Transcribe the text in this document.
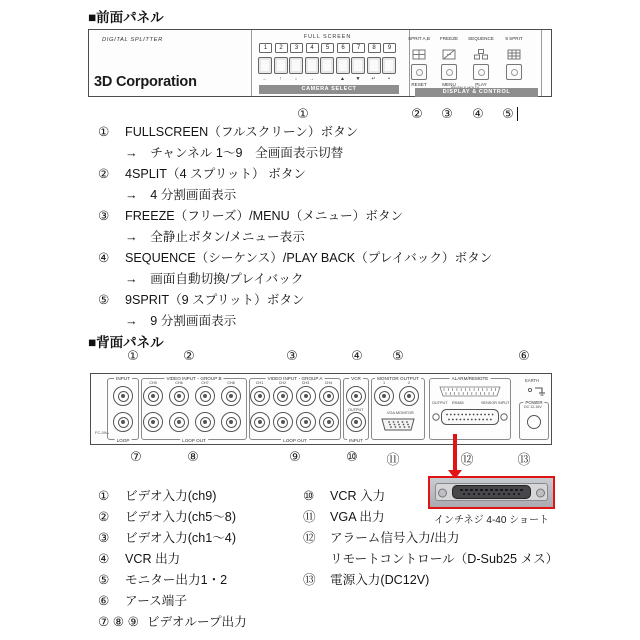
■前面パネル
DIGITAL SPLITTER
3D Corporation
FULL SCREEN
1	2	3	4	5	6	7	8	9
←	↑	↓	→	▲	▼	↵	•
CAMERA SELECT
SPRIT A,B	FREEZE	SEQUENCE	9 SPRIT
RESET	MENU	PLAY
DISPLAY & CONTROL
①	② ③ ④ ⑤
① FULLSCREEN（フルスクリーン）ボタン
→　チャンネル 1～9　全画面表示切替
② 4SPLIT（4 スプリット） ボタン
→　4 分割画面表示
③ FREEZE（フリーズ）/MENU（メニュー）ボタン
→　全静止ボタン/メニュー表示
④ SEQUENCE（シーケンス）/PLAY BACK（プレイバック）ボタン
→　画面自動切換/プレイバック
⑤ 9SPRIT（9 スプリット）ボタン
→　9 分割画面表示
■背面パネル
①	②	③	④ ⑤	⑥
FC-09A
INPUT
LOOP
VIDEO INPUT・GROUP B
LOOP OUT
CH5	CH6	CH7	CH8
VIDEO INPUT・GROUP A
LOOP OUT
CH1	CH2	CH3	CH4
VCR
INPUT
OUTPUT
MONITOR OUTPUT
1	2
VGA MONITOR
ALARM/REMOTE
OUTPUT RS485	SENSOR INPUT
EARTH
POWER
DC 12-16V
⑦	⑧	⑨	⑩ ⑪	⑫	⑬
インチネジ 4-40 ショート
① ビデオ入力(ch9)
② ビデオ入力(ch5～8)
③ ビデオ入力(ch1～4)
④ VCR 出力
⑤ モニター出力1・2
⑥ アース端子
⑦ ⑧ ⑨ ビデオループ出力
⑩ VCR 入力
⑪ VGA 出力
⑫ アラーム信号入力/出力
リモートコントロール（D-Sub25 メス）
⑬ 電源入力(DC12V)
